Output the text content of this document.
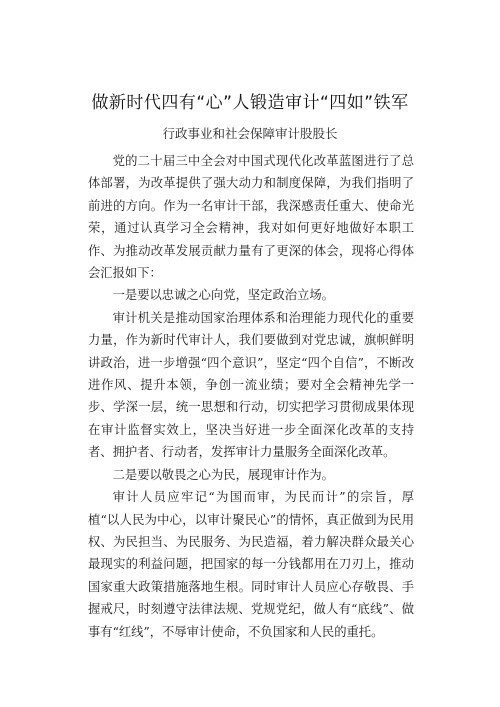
做新时代四有“心”人锻造审计“四如”铁军
行政事业和社会保障审计股股长

党的二十届三中全会对中国式现代化改革蓝图进行了总体部署，为改革提供了强大动力和制度保障，为我们指明了前进的方向。作为一名审计干部，我深感责任重大、使命光荣，通过认真学习全会精神，我对如何更好地做好本职工作、为推动改革发展贡献力量有了更深的体会，现将心得体会汇报如下：

一是要以忠诚之心向党，坚定政治立场。

审计机关是推动国家治理体系和治理能力现代化的重要力量，作为新时代审计人，我们要做到对党忠诚，旗帜鲜明讲政治，进一步增强“四个意识”，坚定“四个自信”，不断改进作风、提升本领，争创一流业绩；要对全会精神先学一步、学深一层，统一思想和行动，切实把学习贯彻成果体现在审计监督实效上，坚决当好进一步全面深化改革的支持者、拥护者、行动者，发挥审计力量服务全面深化改革。

二是要以敬畏之心为民，展现审计作为。

审计人员应牢记“为国而审，为民而计”的宗旨，厚植“以人民为中心，以审计聚民心”的情怀，真正做到为民用权、为民担当、为民服务、为民造福，着力解决群众最关心最现实的利益问题，把国家的每一分钱都用在刀刃上，推动国家重大政策措施落地生根。同时审计人员应心存敬畏、手握戒尺，时刻遵守法律法规、党规党纪，做人有“底线”、做事有“红线”，不辱审计使命，不负国家和人民的重托。
